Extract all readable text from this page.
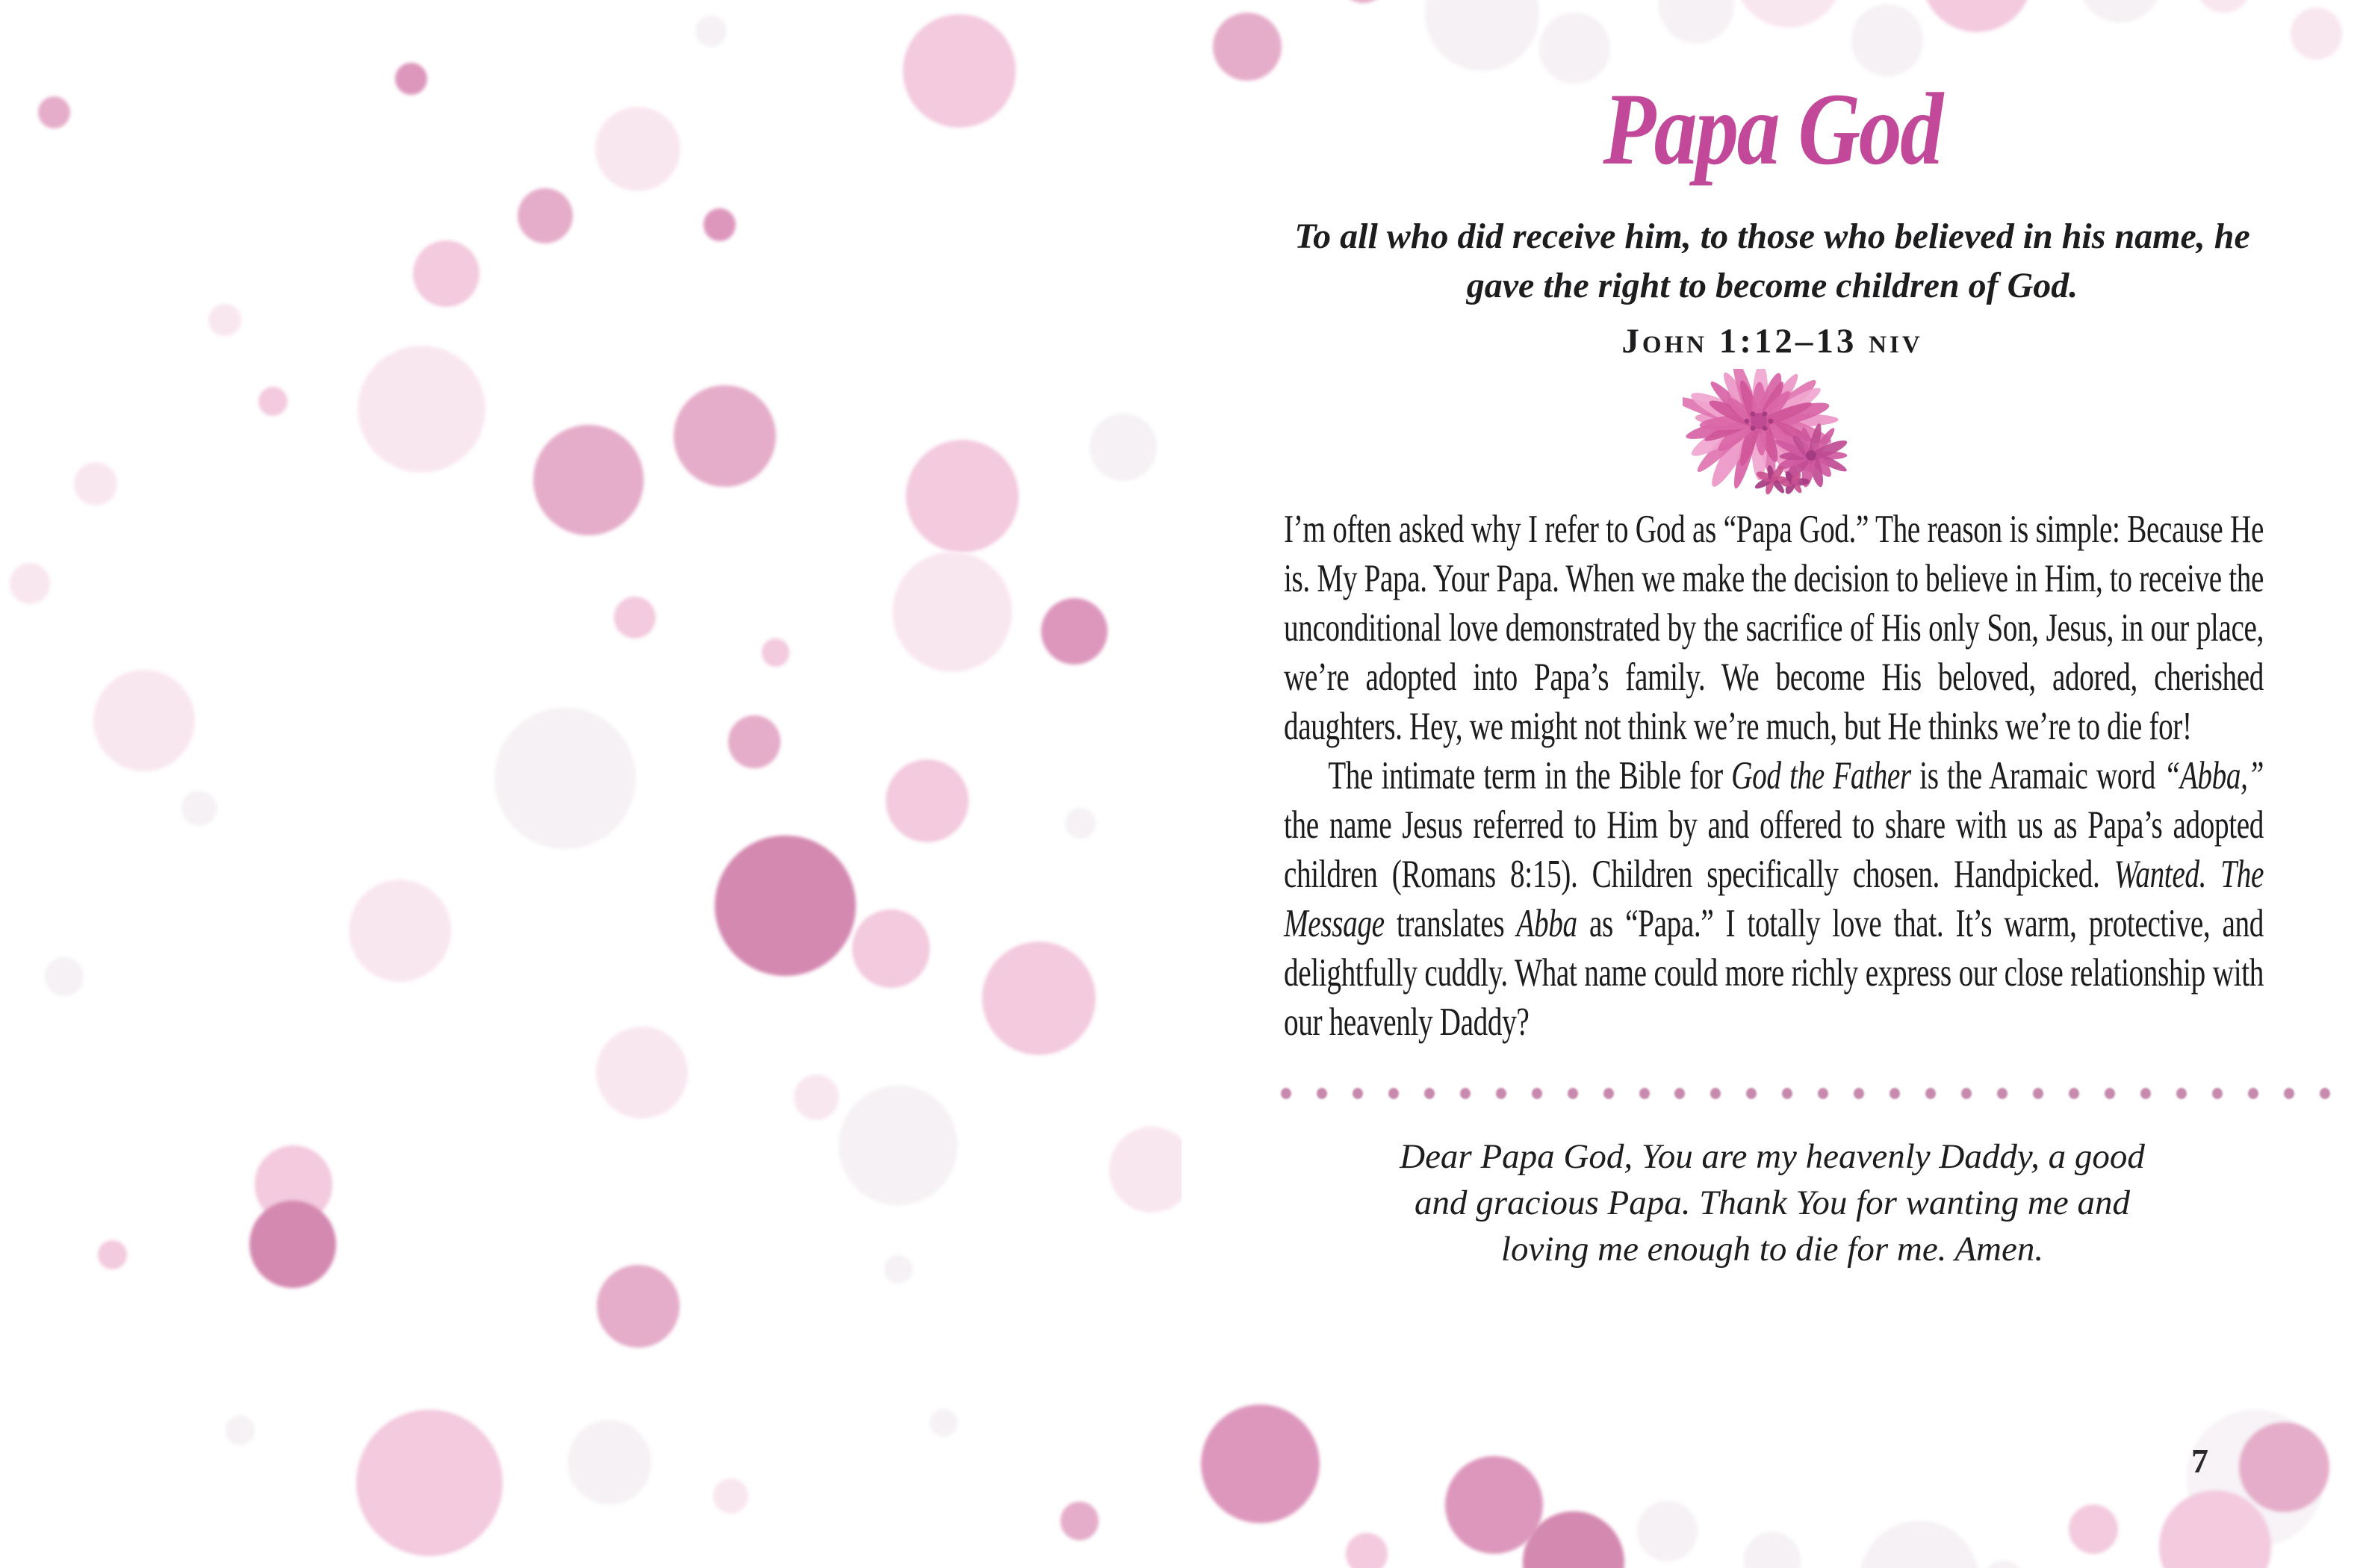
Papa God

To all who did receive him, to those who believed in his name, he gave the right to become children of God.

John 1:12–13 niv

I’m often asked why I refer to God as “Papa God.” The reason is simple: Because He is. My Papa. Your Papa. When we make the decision to believe in Him, to receive the unconditional love demonstrated by the sacrifice of His only Son, Jesus, in our place, we’re adopted into Papa’s family. We become His beloved, adored, cherished daughters. Hey, we might not think we’re much, but He thinks we’re to die for!

The intimate term in the Bible for God the Father is the Aramaic word “Abba,” the name Jesus referred to Him by and offered to share with us as Papa’s adopted children (Romans 8:15). Children specifically chosen. Handpicked. Wanted. The Message translates Abba as “Papa.” I totally love that. It’s warm, protective, and delightfully cuddly. What name could more richly express our close relationship with our heavenly Daddy?

Dear Papa God, You are my heavenly Daddy, a good and gracious Papa. Thank You for wanting me and loving me enough to die for me. Amen.

7
